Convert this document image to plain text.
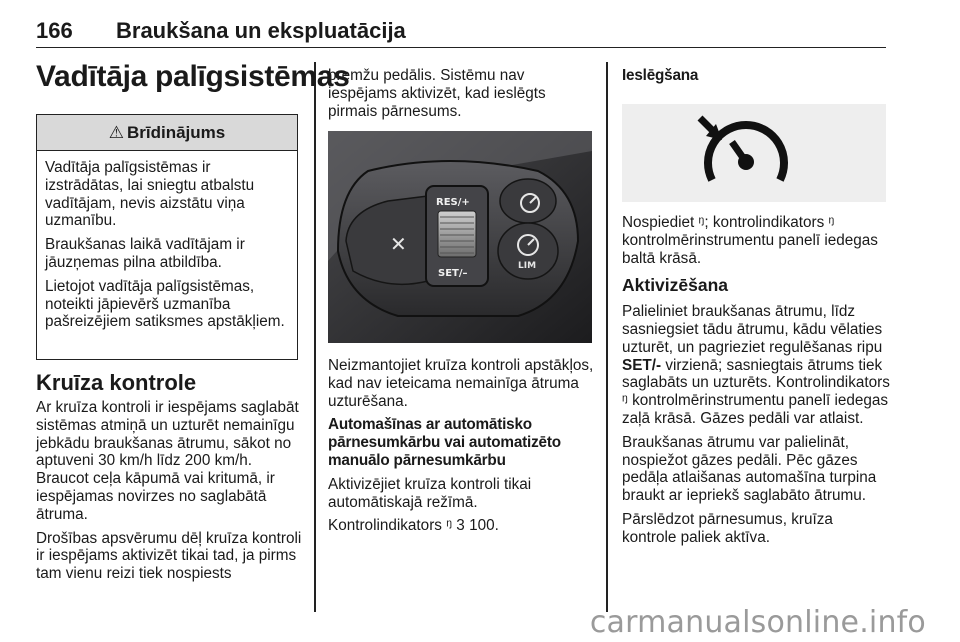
166 Braukšana un ekspluatācija
Vadītāja palīgsistēmas
⚠ Brīdinājums

Vadītāja palīgsistēmas ir izstrādātas, lai sniegtu atbalstu vadītājam, nevis aizstātu viņa uzmanību.

Braukšanas laikā vadītājam ir jāuzņemas pilna atbildība.

Lietojot vadītāja palīgsistēmas, noteikti jāpievērš uzmanība pašreizējiem satiksmes apstākļiem.

Kruīza kontrole

Ar kruīza kontroli ir iespējams saglabāt sistēmas atmiņā un uzturēt nemainīgu jebkādu braukšanas ātrumu, sākot no aptuveni 30 km/h līdz 200 km/h. Braucot ceļa kāpumā vai kritumā, ir iespējamas novirzes no saglabātā ātruma.

Drošības apsvērumu dēļ kruīza kontroli ir iespējams aktivizēt tikai tad, ja pirms tam vienu reizi tiek nospiests

bremžu pedālis. Sistēmu nav iespējams aktivizēt, kad ieslēgts pirmais pārnesums.

✕
RES/+
SET/–
LIM

Neizmantojiet kruīza kontroli apstākļos, kad nav ieteicama nemainīga ātruma uzturēšana.

Automašīnas ar automātisko pārnesumkārbu vai automatizēto manuālo pārnesumkārbu

Aktivizējiet kruīza kontroli tikai automātiskajā režīmā.

Kontrolindikators ᵑ 3 100.

Ieslēgšana

Nospiediet ᵑ; kontrolindikators ᵑ kontrolmērinstrumentu panelī iedegas baltā krāsā.

Aktivizēšana

Palieliniet braukšanas ātrumu, līdz sasniegsiet tādu ātrumu, kādu vēlaties uzturēt, un pagrieziet regulēšanas ripu SET/- virzienā; sasniegtais ātrums tiek saglabāts un uzturēts. Kontrolindikators ᵑ kontrolmērinstrumentu panelī iedegas zaļā krāsā. Gāzes pedāli var atlaist.

Braukšanas ātrumu var palielināt, nospiežot gāzes pedāli. Pēc gāzes pedāļa atlaišanas automašīna turpina braukt ar iepriekš saglabāto ātrumu.

Pārslēdzot pārnesumus, kruīza kontrole paliek aktīva.

carmanualsonline.info
